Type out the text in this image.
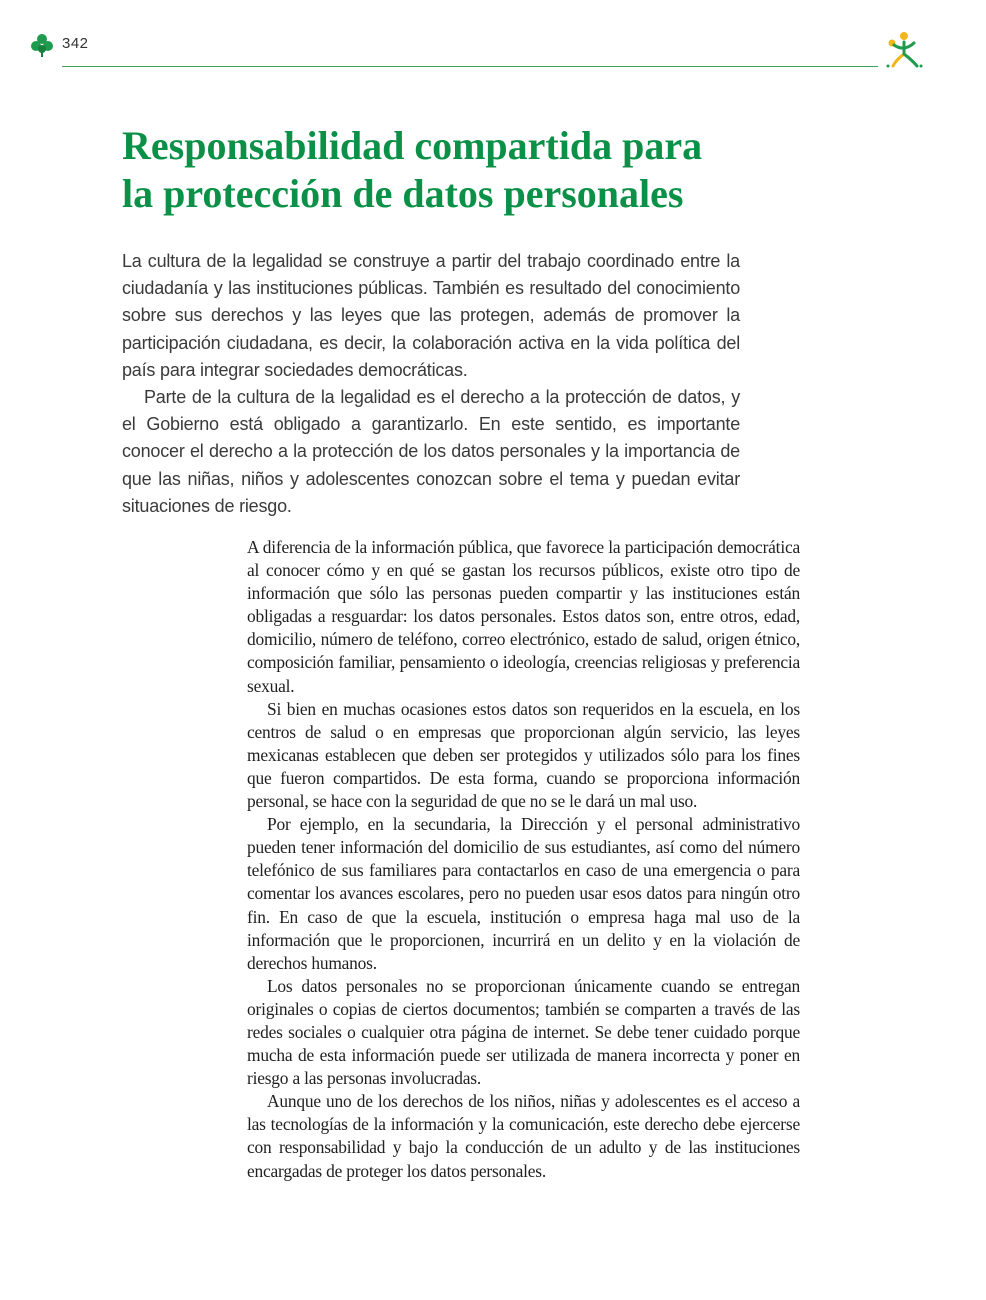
342
Responsabilidad compartida para
la protección de datos personales

La cultura de la legalidad se construye a partir del trabajo coordinado entre la ciudadanía y las instituciones públicas. También es resultado del conocimiento sobre sus derechos y las leyes que las protegen, además de promover la participación ciudadana, es decir, la colaboración activa en la vida política del país para integrar sociedades democráticas.

Parte de la cultura de la legalidad es el derecho a la protección de datos, y el Gobierno está obligado a garantizarlo. En este sentido, es importante conocer el derecho a la protección de los datos personales y la importancia de que las niñas, niños y adolescentes conozcan sobre el tema y puedan evitar situaciones de riesgo.

A diferencia de la información pública, que favorece la participación democrática al conocer cómo y en qué se gastan los recursos públicos, existe otro tipo de información que sólo las personas pueden compartir y las instituciones están obligadas a resguardar: los datos personales. Estos datos son, entre otros, edad, domicilio, número de teléfono, correo electrónico, estado de salud, origen étnico, composición familiar, pensamiento o ideología, creencias religiosas y preferencia sexual.

Si bien en muchas ocasiones estos datos son requeridos en la escuela, en los centros de salud o en empresas que proporcionan algún servicio, las leyes mexicanas establecen que deben ser protegidos y utilizados sólo para los fines que fueron compartidos. De esta forma, cuando se proporciona información personal, se hace con la seguridad de que no se le dará un mal uso.

Por ejemplo, en la secundaria, la Dirección y el personal administrativo pueden tener información del domicilio de sus estudiantes, así como del número telefónico de sus familiares para contactarlos en caso de una emergencia o para comentar los avances escolares, pero no pueden usar esos datos para ningún otro fin. En caso de que la escuela, institución o empresa haga mal uso de la información que le proporcionen, incurrirá en un delito y en la violación de derechos humanos.

Los datos personales no se proporcionan únicamente cuando se entregan originales o copias de ciertos documentos; también se comparten a través de las redes sociales o cualquier otra página de internet. Se debe tener cuidado porque mucha de esta información puede ser utilizada de manera incorrecta y poner en riesgo a las personas involucradas.

Aunque uno de los derechos de los niños, niñas y adolescentes es el acceso a las tecnologías de la información y la comunicación, este derecho debe ejercerse con responsabilidad y bajo la conducción de un adulto y de las instituciones encargadas de proteger los datos personales.
